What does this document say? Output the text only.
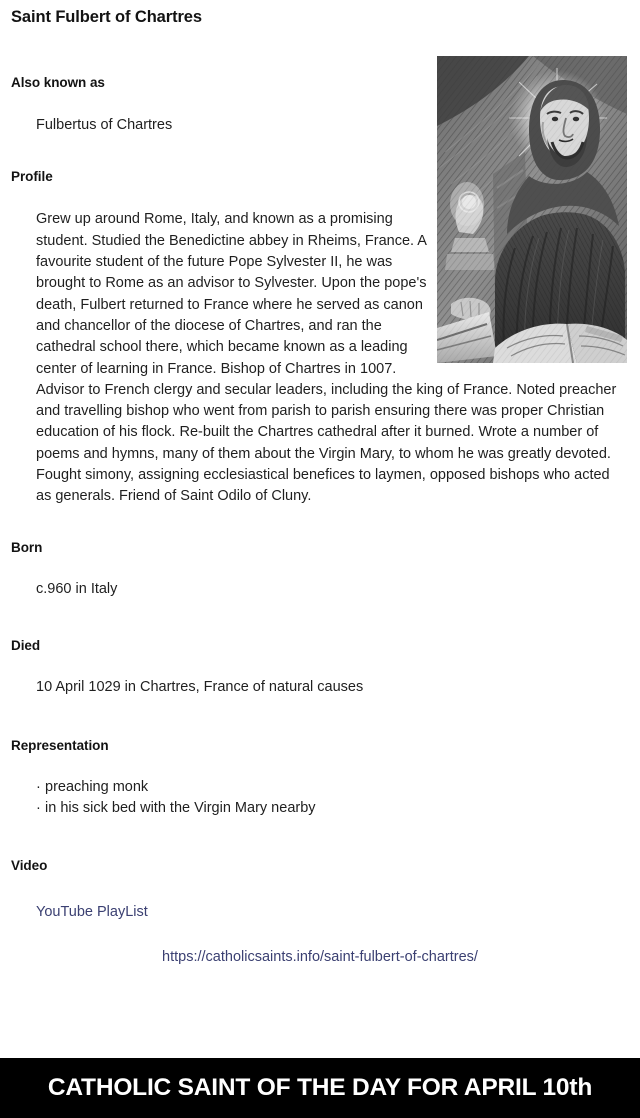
Saint Fulbert of Chartres
Also known as

Fulbertus of Chartres

Profile

Grew up around Rome, Italy, and known as a promising student. Studied the Benedictine abbey in Rheims, France. A favourite student of the future Pope Sylvester II, he was brought to Rome as an advisor to Sylvester. Upon the pope's death, Fulbert returned to France where he served as canon and chancellor of the diocese of Chartres, and ran the cathedral school there, which became known as a leading center of learning in France. Bishop of Chartres in 1007. Advisor to French clergy and secular leaders, including the king of France. Noted preacher and travelling bishop who went from parish to parish ensuring there was proper Christian education of his flock. Re-built the Chartres cathedral after it burned. Wrote a number of poems and hymns, many of them about the Virgin Mary, to whom he was greatly devoted. Fought simony, assigning ecclesiastical benefices to laymen, opposed bishops who acted as generals. Friend of Saint Odilo of Cluny.

Born

c.960 in Italy

Died

10 April 1029 in Chartres, France of natural causes

Representation
· preaching monk
· in his sick bed with the Virgin Mary nearby
Video

YouTube PlayList

https://catholicsaints.info/saint-fulbert-of-chartres/
CATHOLIC SAINT OF THE DAY FOR APRIL 10th
